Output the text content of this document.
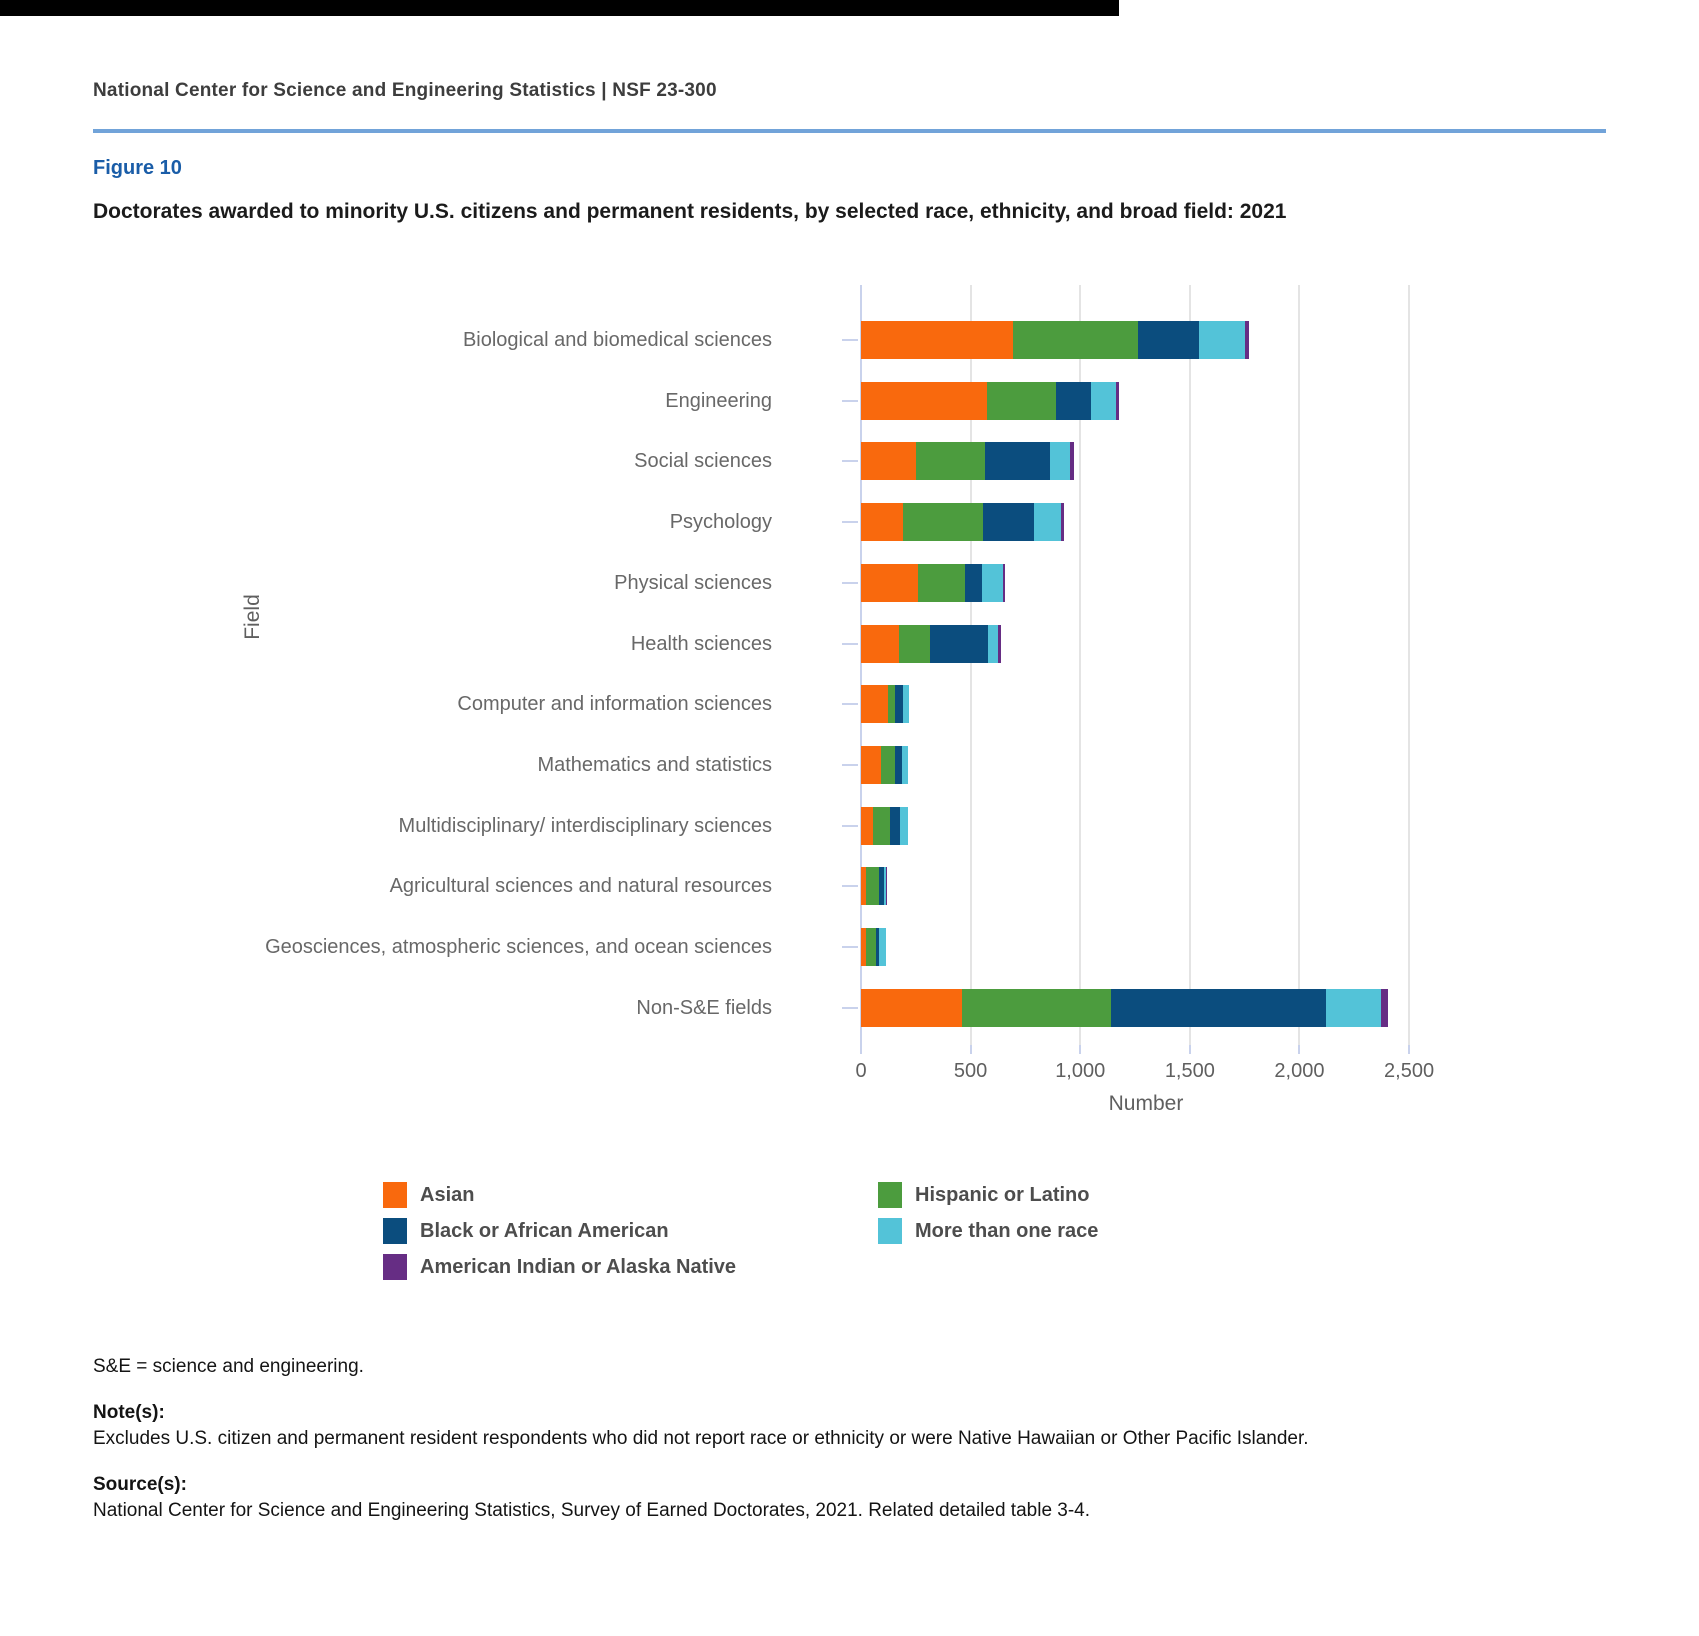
National Center for Science and Engineering Statistics | NSF 23-300
Figure 10
Doctorates awarded to minority U.S. citizens and permanent residents, by selected race, ethnicity, and broad field: 2021
Field
Number
0	500	1,000	1,500	2,000	2,500
Biological and biomedical sciences
Engineering
Social sciences
Psychology
Physical sciences
Health sciences
Computer and information sciences
Mathematics and statistics
Multidisciplinary/ interdisciplinary sciences
Agricultural sciences and natural resources
Geosciences, atmospheric sciences, and ocean sciences
Non-S&E fields
Asian
Black or African American
American Indian or Alaska Native
Hispanic or Latino
More than one race
S&E = science and engineering.
Note(s):
Excludes U.S. citizen and permanent resident respondents who did not report race or ethnicity or were Native Hawaiian or Other Pacific Islander.
Source(s):
National Center for Science and Engineering Statistics, Survey of Earned Doctorates, 2021. Related detailed table 3-4.
